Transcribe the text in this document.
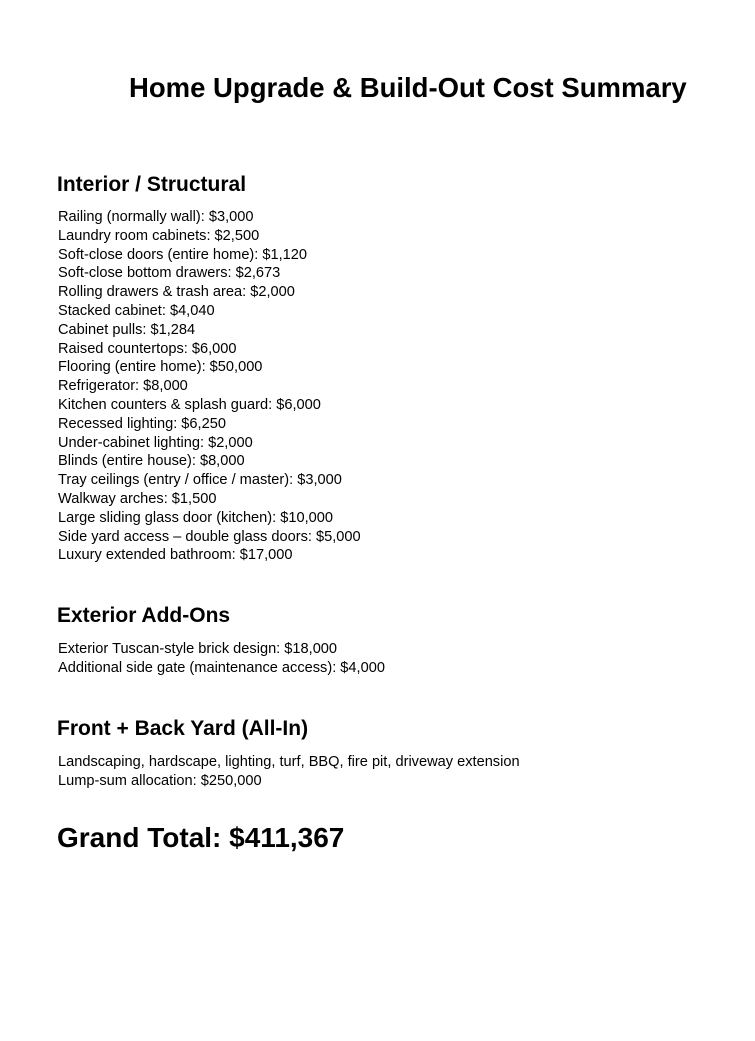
Home Upgrade & Build-Out Cost Summary
Interior / Structural
Railing (normally wall): $3,000
Laundry room cabinets: $2,500
Soft-close doors (entire home): $1,120
Soft-close bottom drawers: $2,673
Rolling drawers & trash area: $2,000
Stacked cabinet: $4,040
Cabinet pulls: $1,284
Raised countertops: $6,000
Flooring (entire home): $50,000
Refrigerator: $8,000
Kitchen counters & splash guard: $6,000
Recessed lighting: $6,250
Under-cabinet lighting: $2,000
Blinds (entire house): $8,000
Tray ceilings (entry / office / master): $3,000
Walkway arches: $1,500
Large sliding glass door (kitchen): $10,000
Side yard access – double glass doors: $5,000
Luxury extended bathroom: $17,000
Exterior Add-Ons
Exterior Tuscan-style brick design: $18,000
Additional side gate (maintenance access): $4,000
Front + Back Yard (All-In)
Landscaping, hardscape, lighting, turf, BBQ, fire pit, driveway extension
Lump-sum allocation: $250,000
Grand Total: $411,367
